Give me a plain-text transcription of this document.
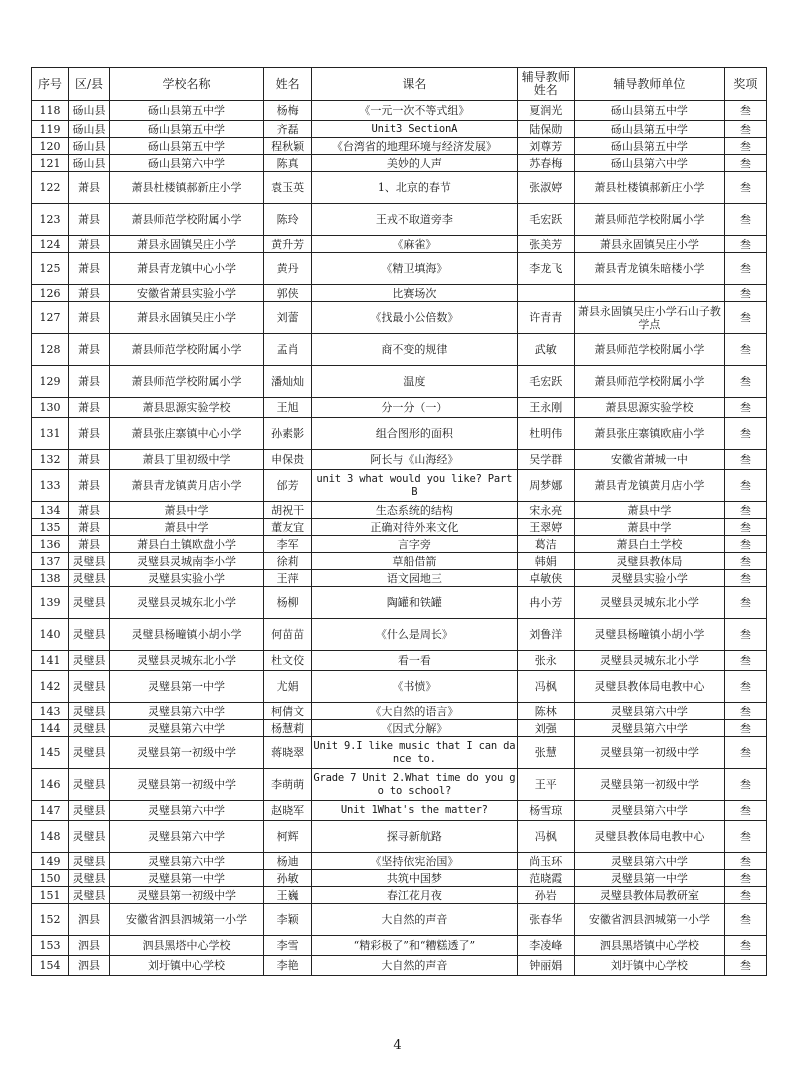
序号	区/县	学校名称	姓名	课名	辅导教师姓名	辅导教师单位	奖项
118	砀山县	砀山县第五中学	杨梅	《一元一次不等式组》	夏润光	砀山县第五中学	叁
119	砀山县	砀山县第五中学	齐磊	Unit3 SectionA	陆保勋	砀山县第五中学	叁
120	砀山县	砀山县第五中学	程秋颖	《台湾省的地理环境与经济发展》	刘尊芳	砀山县第五中学	叁
121	砀山县	砀山县第六中学	陈真	美妙的人声	苏春梅	砀山县第六中学	叁
122	萧县	萧县杜楼镇郝新庄小学	袁玉英	1、北京的春节	张淑婷	萧县杜楼镇郝新庄小学	叁
123	萧县	萧县师范学校附属小学	陈玲	王戎不取道旁李	毛宏跃	萧县师范学校附属小学	叁
124	萧县	萧县永固镇吴庄小学	黄升芳	《麻雀》	张美芳	萧县永固镇吴庄小学	叁
125	萧县	萧县青龙镇中心小学	黄丹	《精卫填海》	李龙飞	萧县青龙镇朱暗楼小学	叁
126	萧县	安徽省萧县实验小学	郭侠	比赛场次			叁
127	萧县	萧县永固镇吴庄小学	刘蕾	《找最小公倍数》	许青青	萧县永固镇吴庄小学石山子教学点	叁
128	萧县	萧县师范学校附属小学	孟肖	商不变的规律	武敏	萧县师范学校附属小学	叁
129	萧县	萧县师范学校附属小学	潘灿灿	温度	毛宏跃	萧县师范学校附属小学	叁
130	萧县	萧县思源实验学校	王旭	分一分（一）	王永刚	萧县思源实验学校	叁
131	萧县	萧县张庄寨镇中心小学	孙素影	组合图形的面积	杜明伟	萧县张庄寨镇欧庙小学	叁
132	萧县	萧县丁里初级中学	申保贵	阿长与《山海经》	吴学群	安徽省萧城一中	叁
133	萧县	萧县青龙镇黄月店小学	邰芳	unit 3 what would you like? Part B	周梦娜	萧县青龙镇黄月店小学	叁
134	萧县	萧县中学	胡祝干	生态系统的结构	宋永亮	萧县中学	叁
135	萧县	萧县中学	董友宜	正确对待外来文化	王翠婷	萧县中学	叁
136	萧县	萧县白土镇欧盘小学	李军	言字旁	葛洁	萧县白土学校	叁
137	灵璧县	灵璧县灵城南李小学	徐莉	草船借箭	韩娟	灵璧县教体局	叁
138	灵璧县	灵璧县实验小学	王萍	语文园地三	卓敏侠	灵璧县实验小学	叁
139	灵璧县	灵璧县灵城东北小学	杨柳	陶罐和铁罐	冉小芳	灵璧县灵城东北小学	叁
140	灵璧县	灵璧县杨疃镇小胡小学	何苗苗	《什么是周长》	刘鲁洋	灵璧县杨疃镇小胡小学	叁
141	灵璧县	灵璧县灵城东北小学	杜文佼	看一看	张永	灵璧县灵城东北小学	叁
142	灵璧县	灵璧县第一中学	尤娟	《书愤》	冯枫	灵璧县教体局电教中心	叁
143	灵璧县	灵璧县第六中学	柯倩文	《大自然的语言》	陈林	灵璧县第六中学	叁
144	灵璧县	灵璧县第六中学	杨慧莉	《因式分解》	刘强	灵璧县第六中学	叁
145	灵璧县	灵璧县第一初级中学	蒋晓翠	Unit 9.I like music that I can dance to.	张慧	灵璧县第一初级中学	叁
146	灵璧县	灵璧县第一初级中学	李萌萌	Grade 7 Unit 2.What time do you go to school?	王平	灵璧县第一初级中学	叁
147	灵璧县	灵璧县第六中学	赵晓军	Unit 1What's the matter?	杨雪琼	灵璧县第六中学	叁
148	灵璧县	灵璧县第六中学	柯辉	探寻新航路	冯枫	灵璧县教体局电教中心	叁
149	灵璧县	灵璧县第六中学	杨迪	《坚持依宪治国》	尚玉环	灵璧县第六中学	叁
150	灵璧县	灵璧县第一中学	孙敏	共筑中国梦	范晓霞	灵璧县第一中学	叁
151	灵璧县	灵璧县第一初级中学	王巍	春江花月夜	孙岩	灵璧县教体局教研室	叁
152	泗县	安徽省泗县泗城第一小学	李颖	大自然的声音	张春华	安徽省泗县泗城第一小学	叁
153	泗县	泗县黑塔中心学校	李雪	“精彩极了”和“糟糕透了”	李凌峰	泗县黑塔镇中心学校	叁
154	泗县	刘圩镇中心学校	李艳	大自然的声音	钟丽娟	刘圩镇中心学校	叁
4
